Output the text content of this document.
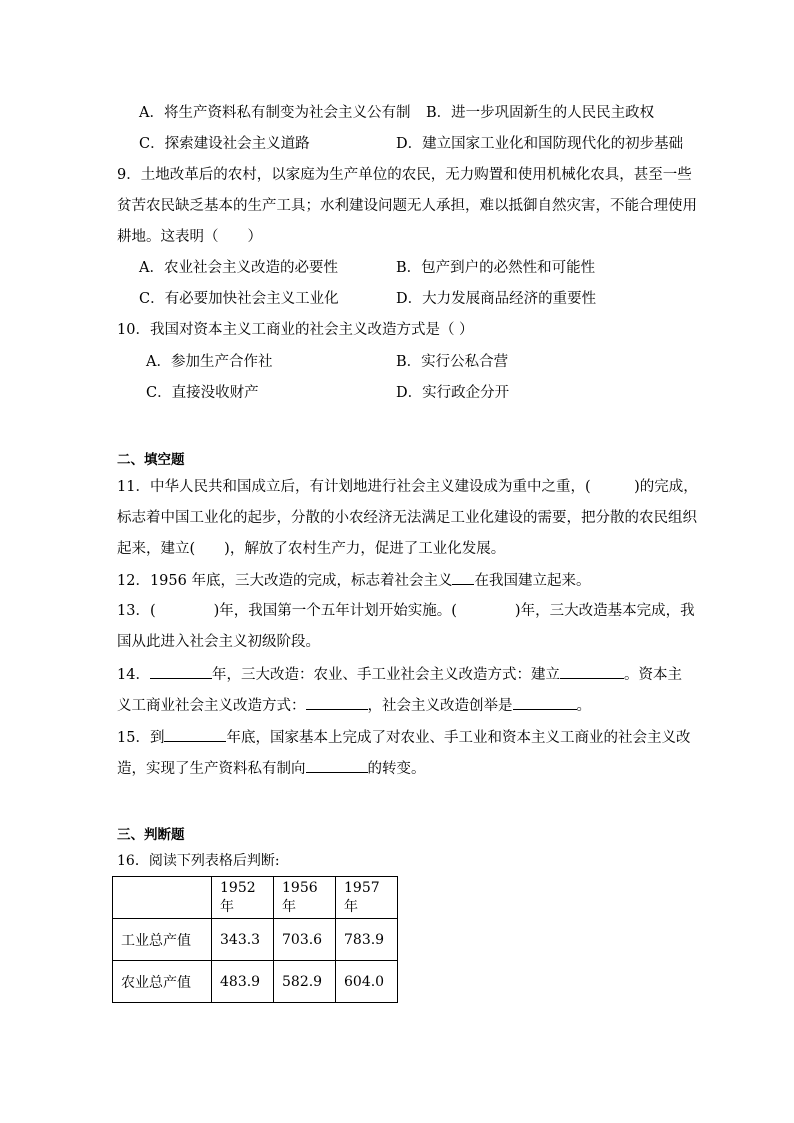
A．将生产资料私有制变为社会主义公有制 B．进一步巩固新生的人民民主政权
C．探索建设社会主义道路	D．建立国家工业化和国防现代化的初步基础
9．土地改革后的农村，以家庭为生产单位的农民，无力购置和使用机械化农具，甚至一些
贫苦农民缺乏基本的生产工具；水利建设问题无人承担，难以抵御自然灾害，不能合理使用
耕地。这表明（　　）
A．农业社会主义改造的必要性	B．包产到户的必然性和可能性
C．有必要加快社会主义工业化	D．大力发展商品经济的重要性
10．我国对资本主义工商业的社会主义改造方式是（ ）
A．参加生产合作社	B．实行公私合营
C．直接没收财产	D．实行政企分开
二、填空题
11．中华人民共和国成立后，有计划地进行社会主义建设成为重中之重，(　　　)的完成，
标志着中国工业化的起步，分散的小农经济无法满足工业化建设的需要，把分散的农民组织
起来，建立(　　)，解放了农村生产力，促进了工业化发展。
12．1956 年底，三大改造的完成，标志着社会主义 在我国建立起来。
13．(　　　　)年，我国第一个五年计划开始实施。(　　　　)年，三大改造基本完成，我
国从此进入社会主义初级阶段。
14．	年，三大改造：农业、手工业社会主义改造方式：建立	。资本主
义工商业社会主义改造方式：	，社会主义改造创举是	。
15．到	年底，国家基本上完成了对农业、手工业和资本主义工商业的社会主义改
造，实现了生产资料私有制向	的转变。
三、判断题
16．阅读下列表格后判断:
	1952 年	1956 年	1957 年
工业总产值	343.3	703.6	783.9
农业总产值	483.9	582.9	604.0
